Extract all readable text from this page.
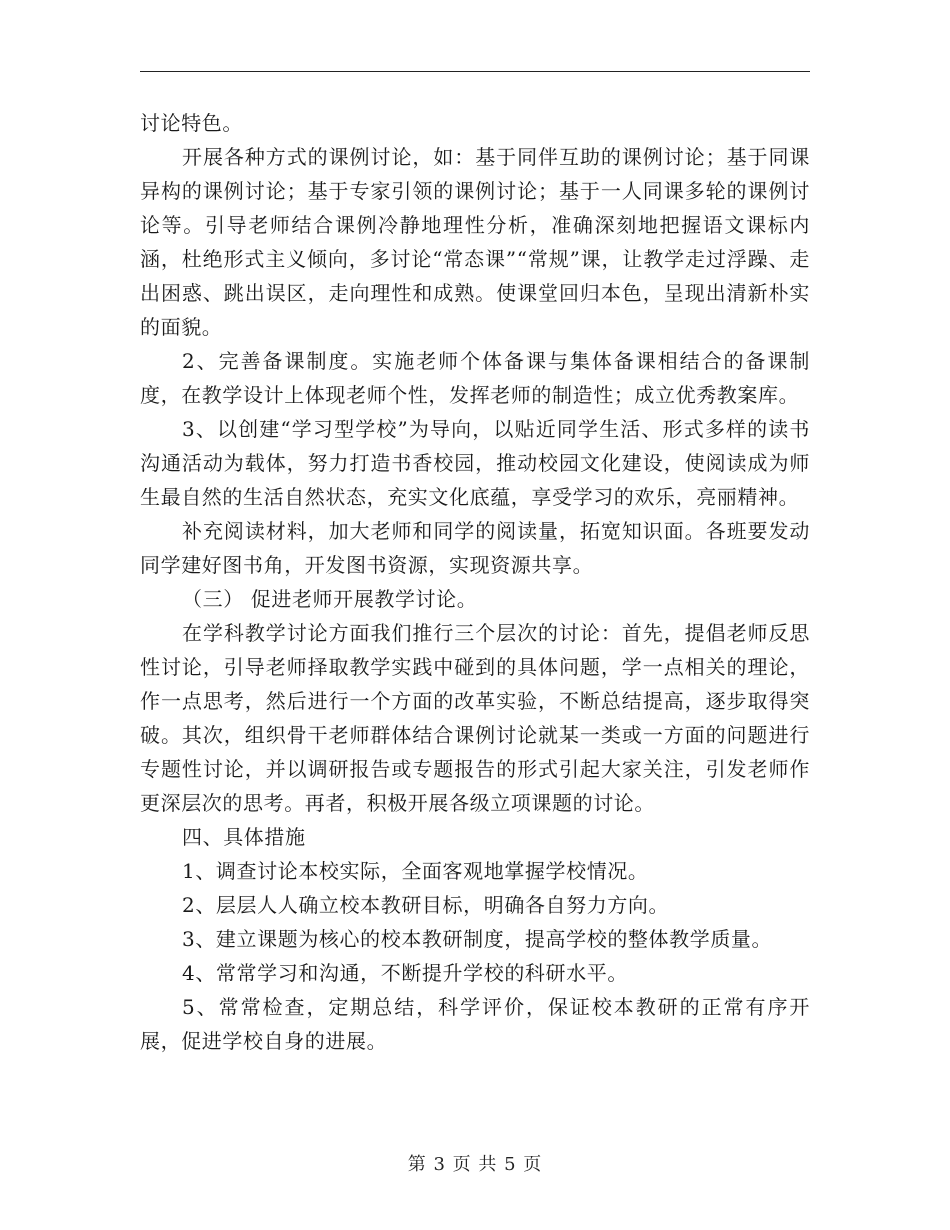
讨论特色。

开展各种方式的课例讨论，如：基于同伴互助的课例讨论；基于同课异构的课例讨论；基于专家引领的课例讨论；基于一人同课多轮的课例讨论等。引导老师结合课例冷静地理性分析，准确深刻地把握语文课标内涵，杜绝形式主义倾向，多讨论“常态课”“常规”课，让教学走过浮躁、走出困惑、跳出误区，走向理性和成熟。使课堂回归本色，呈现出清新朴实的面貌。

2、完善备课制度。实施老师个体备课与集体备课相结合的备课制度，在教学设计上体现老师个性，发挥老师的制造性；成立优秀教案库。

3、以创建“学习型学校”为导向，以贴近同学生活、形式多样的读书沟通活动为载体，努力打造书香校园，推动校园文化建设，使阅读成为师生最自然的生活自然状态，充实文化底蕴，享受学习的欢乐，亮丽精神。

补充阅读材料，加大老师和同学的阅读量，拓宽知识面。各班要发动同学建好图书角，开发图书资源，实现资源共享。

（三） 促进老师开展教学讨论。

在学科教学讨论方面我们推行三个层次的讨论：首先，提倡老师反思性讨论，引导老师择取教学实践中碰到的具体问题，学一点相关的理论，作一点思考，然后进行一个方面的改革实验，不断总结提高，逐步取得突破。其次，组织骨干老师群体结合课例讨论就某一类或一方面的问题进行专题性讨论，并以调研报告或专题报告的形式引起大家关注，引发老师作更深层次的思考。再者，积极开展各级立项课题的讨论。

四、具体措施

1、调查讨论本校实际，全面客观地掌握学校情况。

2、层层人人确立校本教研目标，明确各自努力方向。

3、建立课题为核心的校本教研制度，提高学校的整体教学质量。

4、常常学习和沟通，不断提升学校的科研水平。

5、常常检查，定期总结，科学评价，保证校本教研的正常有序开展，促进学校自身的进展。

第 3 页 共 5 页
